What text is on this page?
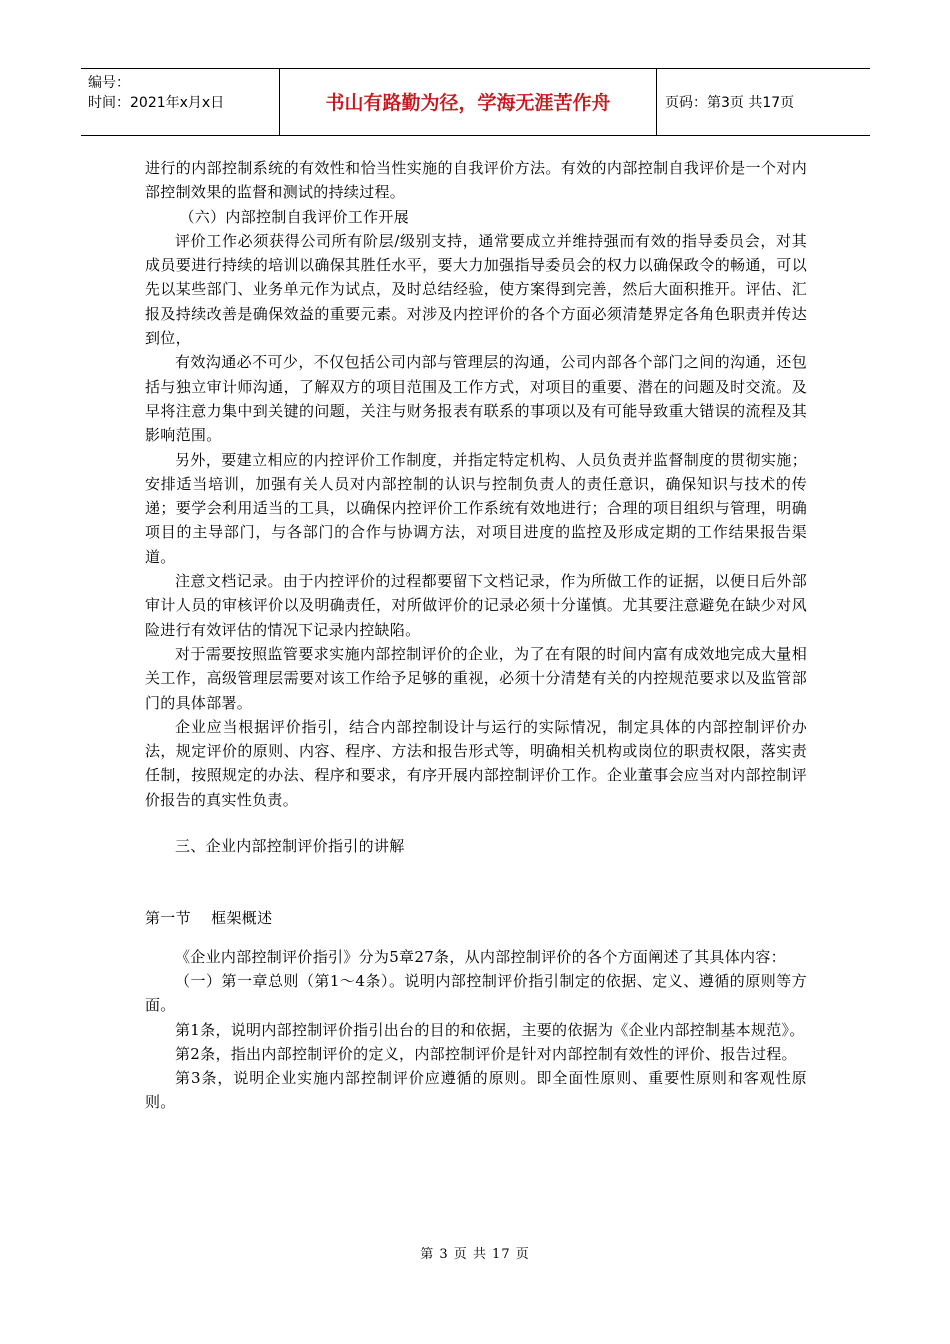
编号：
时间：2021年x月x日	书山有路勤为径，学海无涯苦作舟	页码：第3页 共17页

进行的内部控制系统的有效性和恰当性实施的自我评价方法。有效的内部控制自我评价是一个对内部控制效果的监督和测试的持续过程。

（六）内部控制自我评价工作开展

评价工作必须获得公司所有阶层/级别支持，通常要成立并维持强而有效的指导委员会，对其成员要进行持续的培训以确保其胜任水平，要大力加强指导委员会的权力以确保政令的畅通，可以先以某些部门、业务单元作为试点，及时总结经验，使方案得到完善，然后大面积推开。评估、汇报及持续改善是确保效益的重要元素。对涉及内控评价的各个方面必须清楚界定各角色职责并传达到位，

有效沟通必不可少，不仅包括公司内部与管理层的沟通，公司内部各个部门之间的沟通，还包括与独立审计师沟通，了解双方的项目范围及工作方式，对项目的重要、潜在的问题及时交流。及早将注意力集中到关键的问题，关注与财务报表有联系的事项以及有可能导致重大错误的流程及其影响范围。

另外，要建立相应的内控评价工作制度，并指定特定机构、人员负责并监督制度的贯彻实施；安排适当培训，加强有关人员对内部控制的认识与控制负责人的责任意识，确保知识与技术的传递；要学会利用适当的工具，以确保内控评价工作系统有效地进行；合理的项目组织与管理，明确项目的主导部门，与各部门的合作与协调方法，对项目进度的监控及形成定期的工作结果报告渠道。

注意文档记录。由于内控评价的过程都要留下文档记录，作为所做工作的证据，以便日后外部审计人员的审核评价以及明确责任，对所做评价的记录必须十分谨慎。尤其要注意避免在缺少对风险进行有效评估的情况下记录内控缺陷。

对于需要按照监管要求实施内部控制评价的企业，为了在有限的时间内富有成效地完成大量相关工作，高级管理层需要对该工作给予足够的重视，必须十分清楚有关的内控规范要求以及监管部门的具体部署。

企业应当根据评价指引，结合内部控制设计与运行的实际情况，制定具体的内部控制评价办法，规定评价的原则、内容、程序、方法和报告形式等，明确相关机构或岗位的职责权限，落实责任制，按照规定的办法、程序和要求，有序开展内部控制评价工作。企业董事会应当对内部控制评价报告的真实性负责。

三、企业内部控制评价指引的讲解

第一节    框架概述

《企业内部控制评价指引》分为5章27条，从内部控制评价的各个方面阐述了其具体内容：

（一）第一章总则（第1～4条）。说明内部控制评价指引制定的依据、定义、遵循的原则等方面。

第1条，说明内部控制评价指引出台的目的和依据，主要的依据为《企业内部控制基本规范》。

第2条，指出内部控制评价的定义，内部控制评价是针对内部控制有效性的评价、报告过程。

第3条，说明企业实施内部控制评价应遵循的原则。即全面性原则、重要性原则和客观性原则。

第 3 页 共 17 页
